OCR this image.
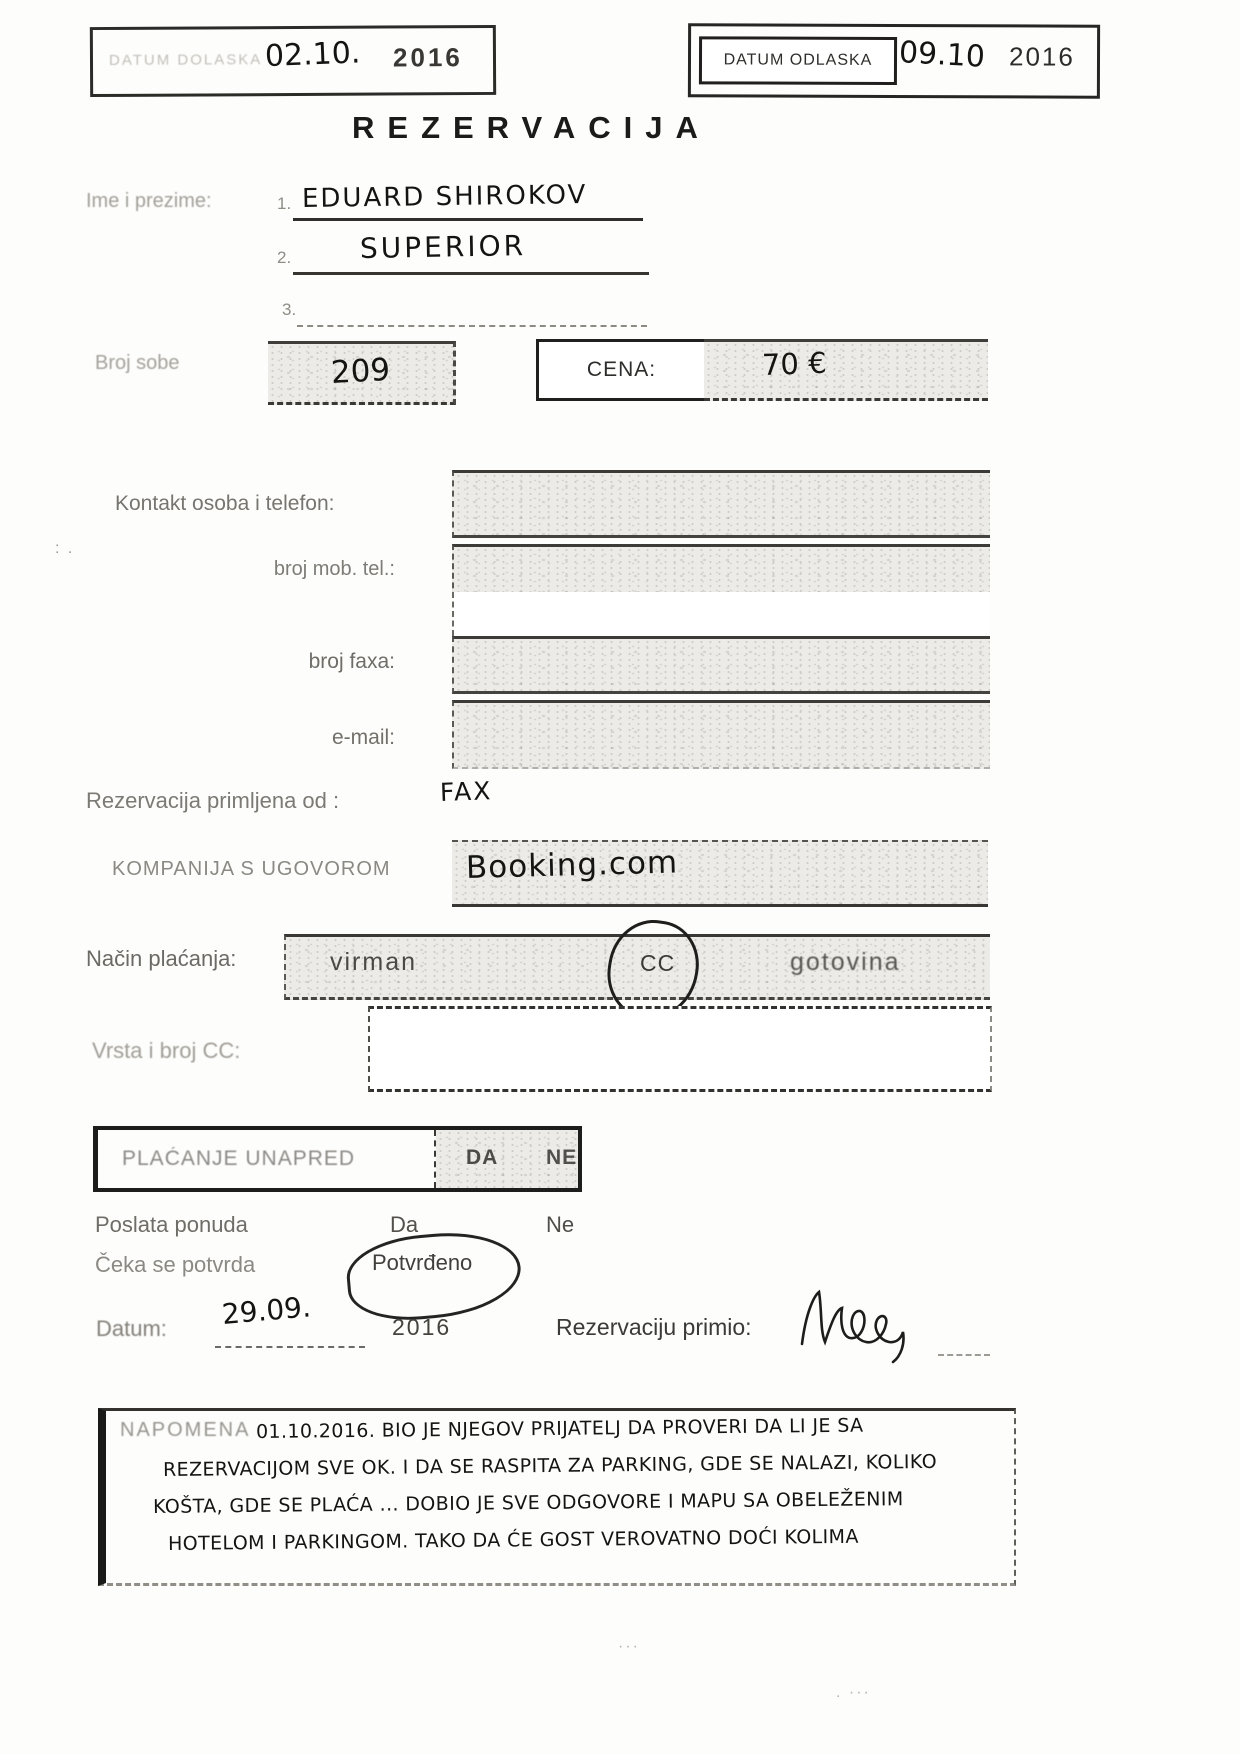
DATUM DOLASKA 02.10. 2016	DATUM ODLASKA 09.10 2016
REZERVACIJA
Ime i prezime:	1. EDUARD SHIROKOV
2. SUPERIOR
3.
Broj sobe	209	CENA:	70 €
Kontakt osoba i telefon:
broj mob. tel.:
broj faxa:
e-mail:
Rezervacija primljena od :	FAX
KOMPANIJA S UGOVOROM Booking.com
Način plaćanja:	virman	CC	gotovina
Vrsta i broj CC:
PLAĆANJE UNAPRED	DA NE
Poslata ponuda	Da	Ne
Čeka se potvrda	Potvrđeno
Datum: 29.09.	2016	Rezervaciju primio:
NAPOMENA 01.10.2016. BIO JE NJEGOV PRIJATELJ DA PROVERI DA LI JE SA
REZERVACIJOM SVE OK. I DA SE RASPITA ZA PARKING, GDE SE NALAZI, KOLIKO
KOŠTA, GDE SE PLAĆA ... DOBIO JE SVE ODGOVORE I MAPU SA OBELEŽENIM
HOTELOM I PARKINGOM. TAKO DA ĆE GOST VEROVATNO DOĆI KOLIMA
: .
···
. ···
